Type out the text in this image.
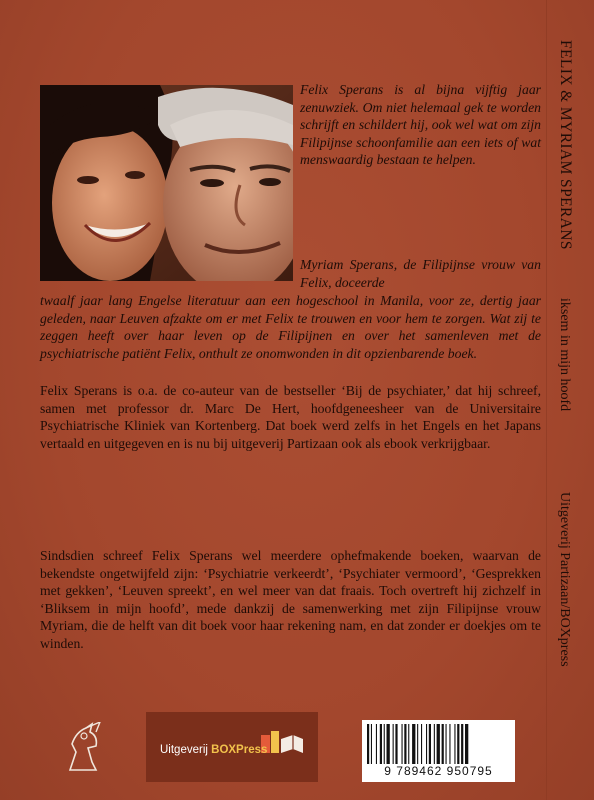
Felix Sperans is al bijna vijftig jaar zenuwziek. Om niet helemaal gek te worden schrijft en schildert hij, ook wel wat om zijn Filipijnse schoonfamilie aan een iets of wat menswaardig bestaan te helpen.

Myriam Sperans, de Filipijnse vrouw van Felix, doceerde

twaalf jaar lang Engelse literatuur aan een hogeschool in Manila, voor ze, dertig jaar geleden, naar Leuven afzakte om er met Felix te trouwen en voor hem te zorgen. Wat zij te zeggen heeft over haar leven op de Filipijnen en over het samenleven met de psychiatrische patiënt Felix, onthult ze onomwonden in dit opzienbarende boek.

Felix Sperans is o.a. de co-auteur van de bestseller ‘Bij de psychiater,’ dat hij schreef, samen met professor dr. Marc De Hert, hoofdgeneesheer van de Universitaire Psychiatrische Kliniek van Kortenberg. Dat boek werd zelfs in het Engels en het Japans vertaald en uitgegeven en is nu bij uitgeverij Partizaan ook als ebook verkrijgbaar.

Sindsdien schreef Felix Sperans wel meerdere ophefmakende boeken, waarvan de bekendste ongetwijfeld zijn: ‘Psychiatrie verkeerdt’, ‘Psychiater vermoord’, ‘Gesprekken met gekken’, ‘Leuven spreekt’, en wel meer van dat fraais. Toch overtreft hij zichzelf in ‘Bliksem in mijn hoofd’, mede dankzij de samenwerking met zijn Filipijnse vrouw Myriam, die de helft van dit boek voor haar rekening nam, en dat zonder er doekjes om te winden.

FELIX & MYRIAM SPERANS
iksem in mijn hoofd
Uitgeverij Partizaan/BOXpress
Uitgeverij BOXPress
9 789462 950795
